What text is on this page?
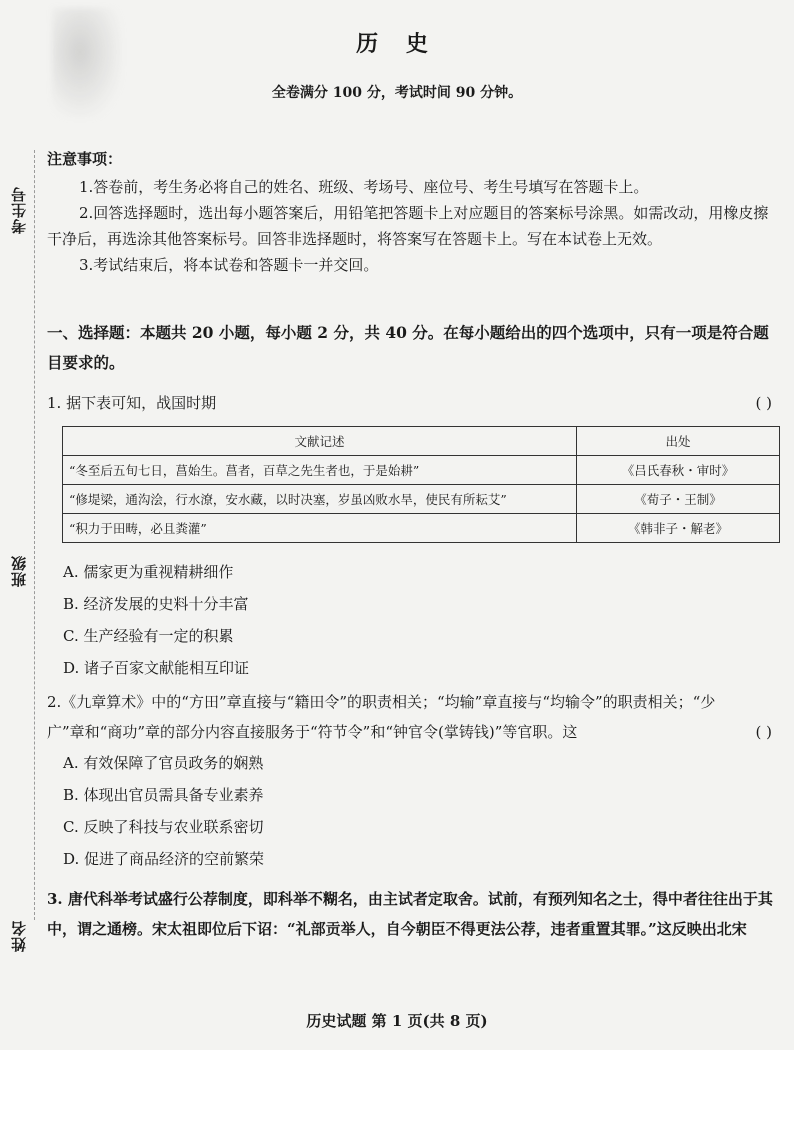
考生号
班级
姓名
历 史
全卷满分 100 分，考试时间 90 分钟。
注意事项：

1.答卷前，考生务必将自己的姓名、班级、考场号、座位号、考生号填写在答题卡上。

2.回答选择题时，选出每小题答案后，用铅笔把答题卡上对应题目的答案标号涂黑。如需改动，用橡皮擦干净后，再选涂其他答案标号。回答非选择题时，将答案写在答题卡上。写在本试卷上无效。

3.考试结束后，将本试卷和答题卡一并交回。

一、选择题：本题共 20 小题，每小题 2 分，共 40 分。在每小题给出的四个选项中，只有一项是符合题目要求的。
1. 据下表可知，战国时期	( )
文献记述	出处
“冬至后五旬七日，菖始生。菖者，百草之先生者也，于是始耕”	《吕氏春秋・审时》
“修堤梁，通沟浍，行水潦，安水藏，以时决塞，岁虽凶败水旱，使民有所耘艾”	《荀子・王制》
“积力于田畴，必且粪灌”	《韩非子・解老》
A. 儒家更为重视精耕细作
B. 经济发展的史料十分丰富
C. 生产经验有一定的积累
D. 诸子百家文献能相互印证
2.《九章算术》中的“方田”章直接与“籍田令”的职责相关；“均输”章直接与“均输令”的职责相关；“少广”章和“商功”章的部分内容直接服务于“符节令”和“钟官令(掌铸钱)”等官职。这	( )
A. 有效保障了官员政务的娴熟
B. 体现出官员需具备专业素养
C. 反映了科技与农业联系密切
D. 促进了商品经济的空前繁荣
3. 唐代科举考试盛行公荐制度，即科举不糊名，由主试者定取舍。试前，有预列知名之士，得中者往往出于其中，谓之通榜。宋太祖即位后下诏：“礼部贡举人，自今朝臣不得更法公荐，违者重置其罪。”这反映出北宋
历史试题 第 1 页(共 8 页)
